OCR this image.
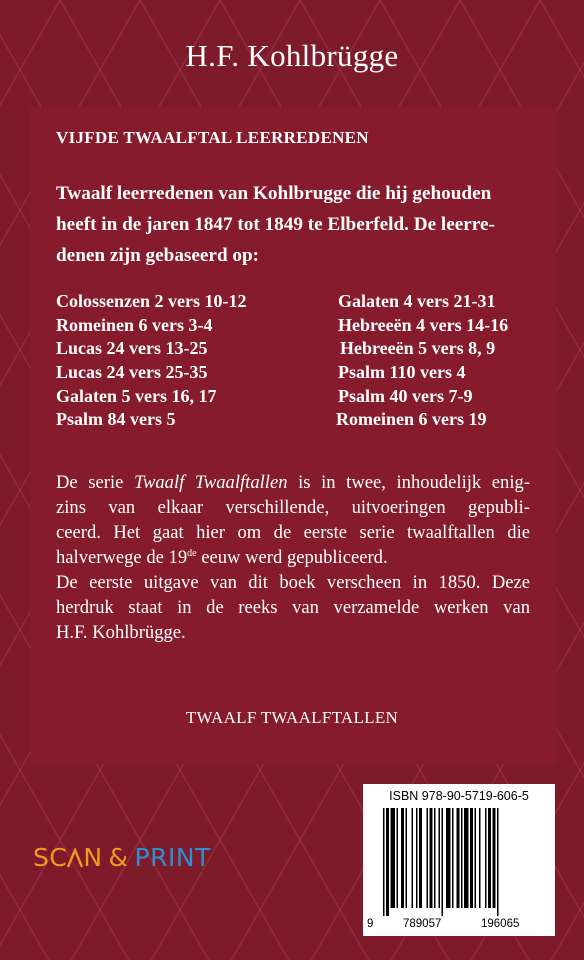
H.F. Kohlbrügge
VIJFDE TWAALFTAL LEERREDENEN
Twaalf leerredenen van Kohlbrugge die hij gehouden
heeft in de jaren 1847 tot 1849 te Elberfeld. De leerre-
denen zijn gebaseerd op:
Colossenzen 2 vers 10-12	Galaten 4 vers 21-31
Romeinen 6 vers 3-4	Hebreeën 4 vers 14-16
Lucas 24 vers 13-25	Hebreeën 5 vers 8, 9
Lucas 24 vers 25-35	Psalm 110 vers 4
Galaten 5 vers 16, 17	Psalm 40 vers 7-9
Psalm 84 vers 5	Romeinen 6 vers 19
De serie Twaalf Twaalftallen is in twee, inhoudelijk enig-
zins van elkaar verschillende, uitvoeringen gepubli-
ceerd. Het gaat hier om de eerste serie twaalftallen die
halverwege de 19de eeuw werd gepubliceerd.
De eerste uitgave van dit boek verscheen in 1850. Deze
herdruk staat in de reeks van verzamelde werken van
H.F. Kohlbrügge.
TWAALF TWAALFTALLEN
SC N & PRINT
ISBN 978-90-5719-606-5
9	789057	196065
